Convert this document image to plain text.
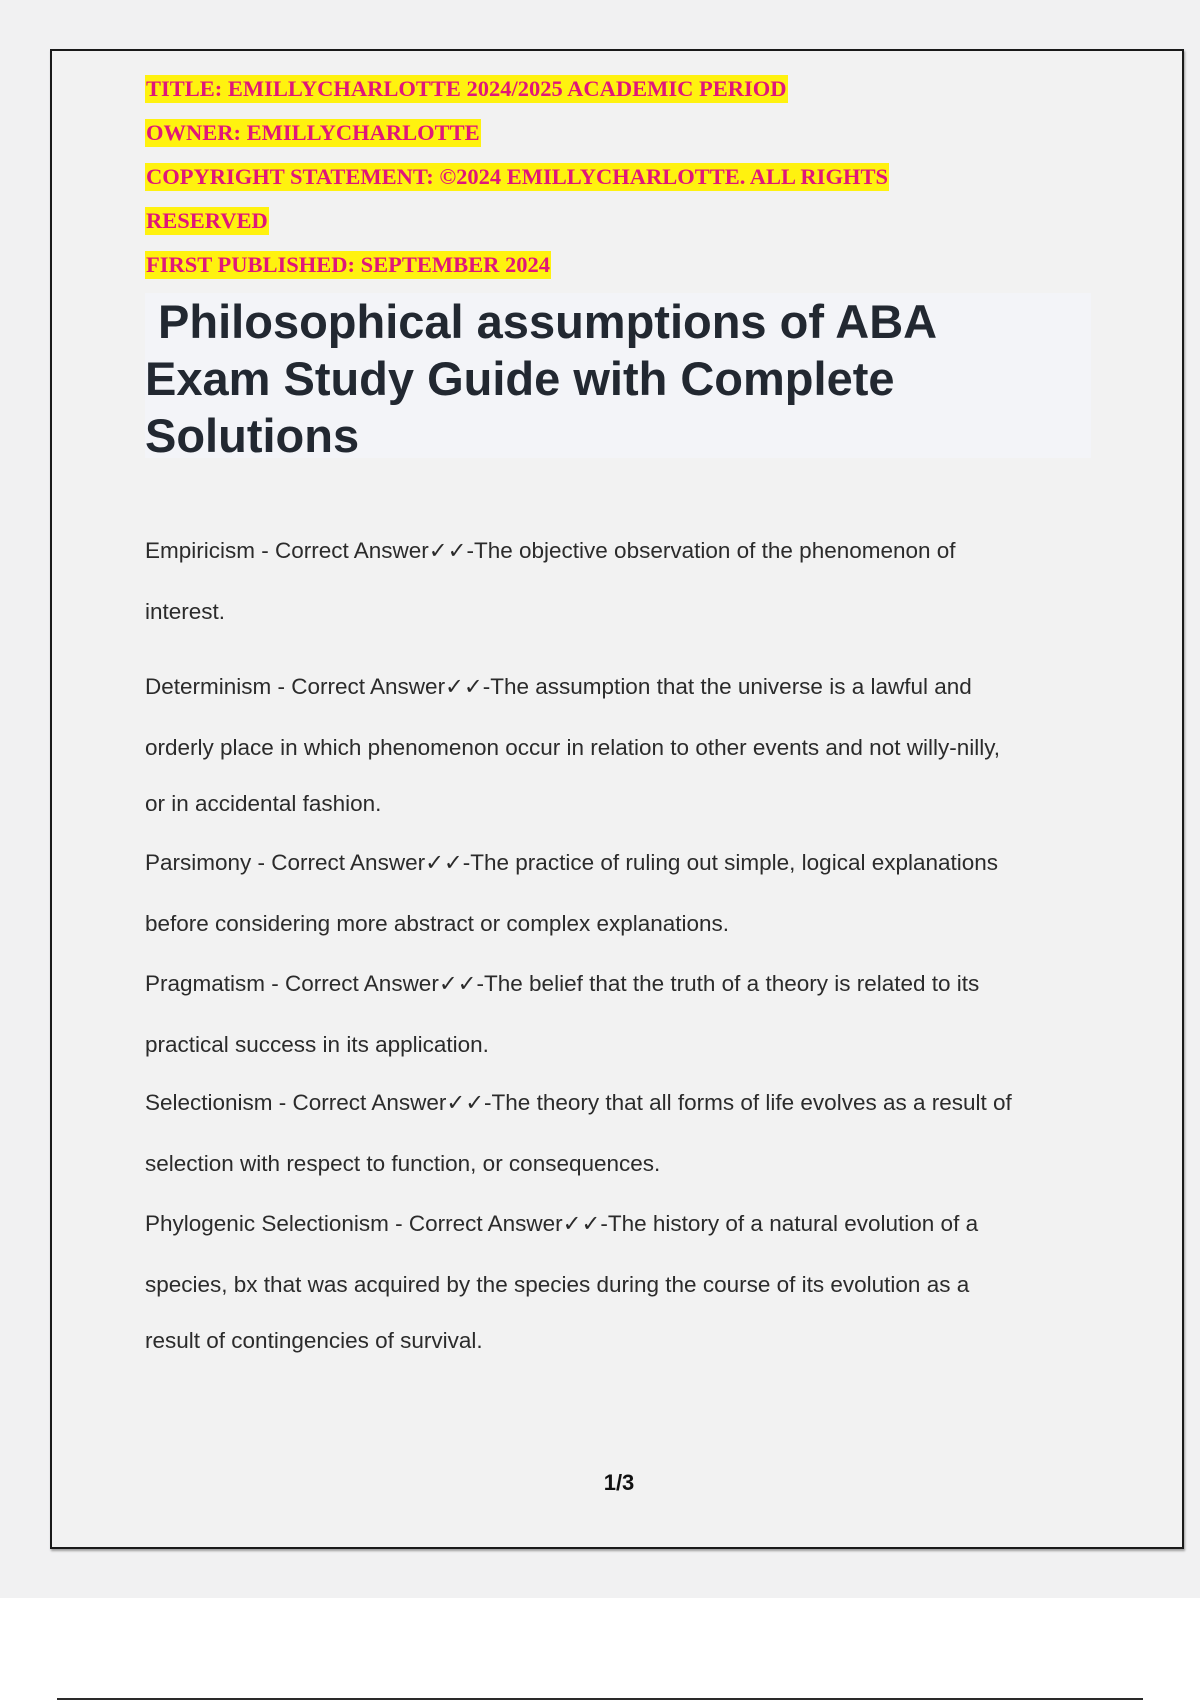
TITLE: EMILLYCHARLOTTE 2024/2025 ACADEMIC PERIOD
OWNER: EMILLYCHARLOTTE
COPYRIGHT STATEMENT: ©2024 EMILLYCHARLOTTE. ALL RIGHTS
RESERVED
FIRST PUBLISHED: SEPTEMBER 2024
Philosophical assumptions of ABA
Exam Study Guide with Complete
Solutions
Empiricism - Correct Answer✓✓-The objective observation of the phenomenon of
interest.
Determinism - Correct Answer✓✓-The assumption that the universe is a lawful and
orderly place in which phenomenon occur in relation to other events and not willy-nilly,
or in accidental fashion.
Parsimony - Correct Answer✓✓-The practice of ruling out simple, logical explanations
before considering more abstract or complex explanations.
Pragmatism - Correct Answer✓✓-The belief that the truth of a theory is related to its
practical success in its application.
Selectionism - Correct Answer✓✓-The theory that all forms of life evolves as a result of
selection with respect to function, or consequences.
Phylogenic Selectionism - Correct Answer✓✓-The history of a natural evolution of a
species, bx that was acquired by the species during the course of its evolution as a
result of contingencies of survival.
1/3
